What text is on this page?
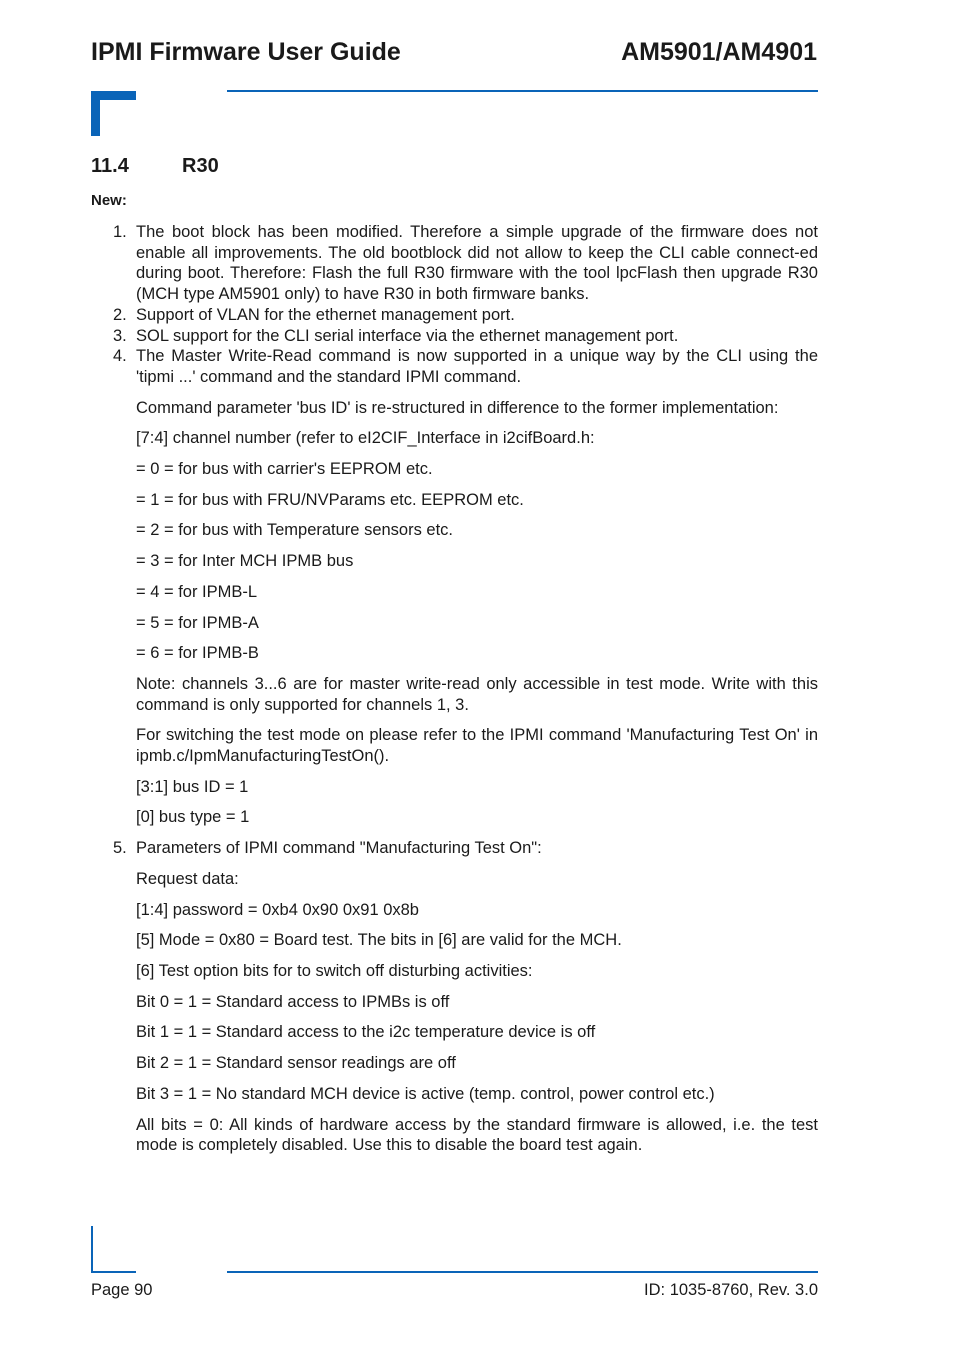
IPMI Firmware User Guide	AM5901/AM4901
11.4	R30
New:
1. The boot block has been modified. Therefore a simple upgrade of the firmware does not enable all improvements. The old bootblock did not allow to keep the CLI cable connect-ed during boot. Therefore: Flash the full R30 firmware with the tool lpcFlash then upgrade R30 (MCH type AM5901 only) to have R30 in both firmware banks.
2. Support of VLAN for the ethernet management port.
3. SOL support for the CLI serial interface via the ethernet management port.
4. The Master Write-Read command is now supported in a unique way by the CLI using the 'tipmi ...' command and the standard IPMI command.
Command parameter 'bus ID' is re-structured in difference to the former implementation:
[7:4] channel number (refer to eI2CIF_Interface in i2cifBoard.h:
= 0 = for bus with carrier's EEPROM etc.
= 1 = for bus with FRU/NVParams etc. EEPROM etc.
= 2 = for bus with Temperature sensors etc.
= 3 = for Inter MCH IPMB bus
= 4 = for IPMB-L
= 5 = for IPMB-A
= 6 = for IPMB-B
Note: channels 3...6 are for master write-read only accessible in test mode. Write with this command is only supported for channels 1, 3.
For switching the test mode on please refer to the IPMI command 'Manufacturing Test On' in ipmb.c/IpmManufacturingTestOn().
[3:1] bus ID = 1
[0] bus type = 1
5. Parameters of IPMI command "Manufacturing Test On":
Request data:
[1:4] password = 0xb4 0x90 0x91 0x8b
[5] Mode = 0x80 = Board test. The bits in [6] are valid for the MCH.
[6] Test option bits for to switch off disturbing activities:
Bit 0 = 1 = Standard access to IPMBs is off
Bit 1 = 1 = Standard access to the i2c temperature device is off
Bit 2 = 1 = Standard sensor readings are off
Bit 3 = 1 = No standard MCH device is active (temp. control, power control etc.)
All bits = 0: All kinds of hardware access by the standard firmware is allowed, i.e. the test mode is completely disabled. Use this to disable the board test again.
Page 90	ID: 1035-8760, Rev. 3.0
